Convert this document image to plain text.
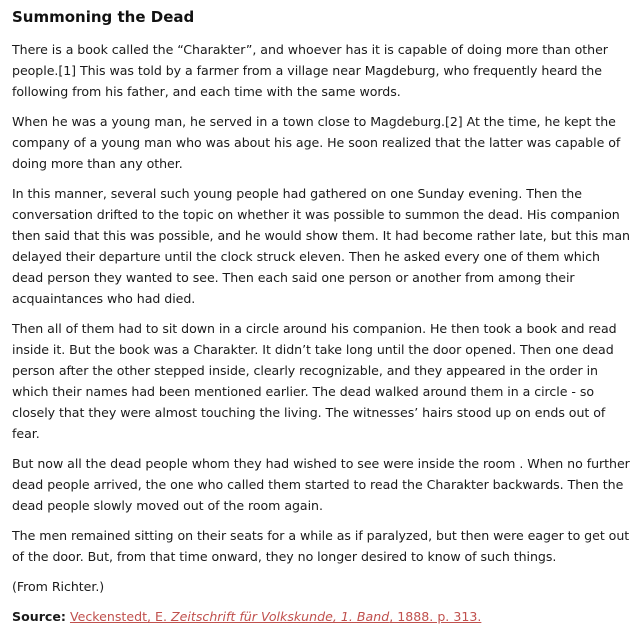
Summoning the Dead

There is a book called the “Charakter”, and whoever has it is capable of doing more than other people.[1] This was told by a farmer from a village near Magdeburg, who frequently heard the following from his father, and each time with the same words.

When he was a young man, he served in a town close to Magdeburg.[2] At the time, he kept the company of a young man who was about his age. He soon realized that the latter was capable of doing more than any other.

In this manner, several such young people had gathered on one Sunday evening. Then the conversation drifted to the topic on whether it was possible to summon the dead. His companion then said that this was possible, and he would show them. It had become rather late, but this man delayed their departure until the clock struck eleven. Then he asked every one of them which dead person they wanted to see. Then each said one person or another from among their acquaintances who had died.

Then all of them had to sit down in a circle around his companion. He then took a book and read inside it. But the book was a Charakter. It didn’t take long until the door opened. Then one dead person after the other stepped inside, clearly recognizable, and they appeared in the order in which their names had been mentioned earlier. The dead walked around them in a circle - so closely that they were almost touching the living. The witnesses’ hairs stood up on ends out of fear.

But now all the dead people whom they had wished to see were inside the room . When no further dead people arrived, the one who called them started to read the Charakter backwards. Then the dead people slowly moved out of the room again.

The men remained sitting on their seats for a while as if paralyzed, but then were eager to get out of the door. But, from that time onward, they no longer desired to know of such things.

(From Richter.)

Source: Veckenstedt, E. Zeitschrift für Volkskunde, 1. Band, 1888. p. 313.
